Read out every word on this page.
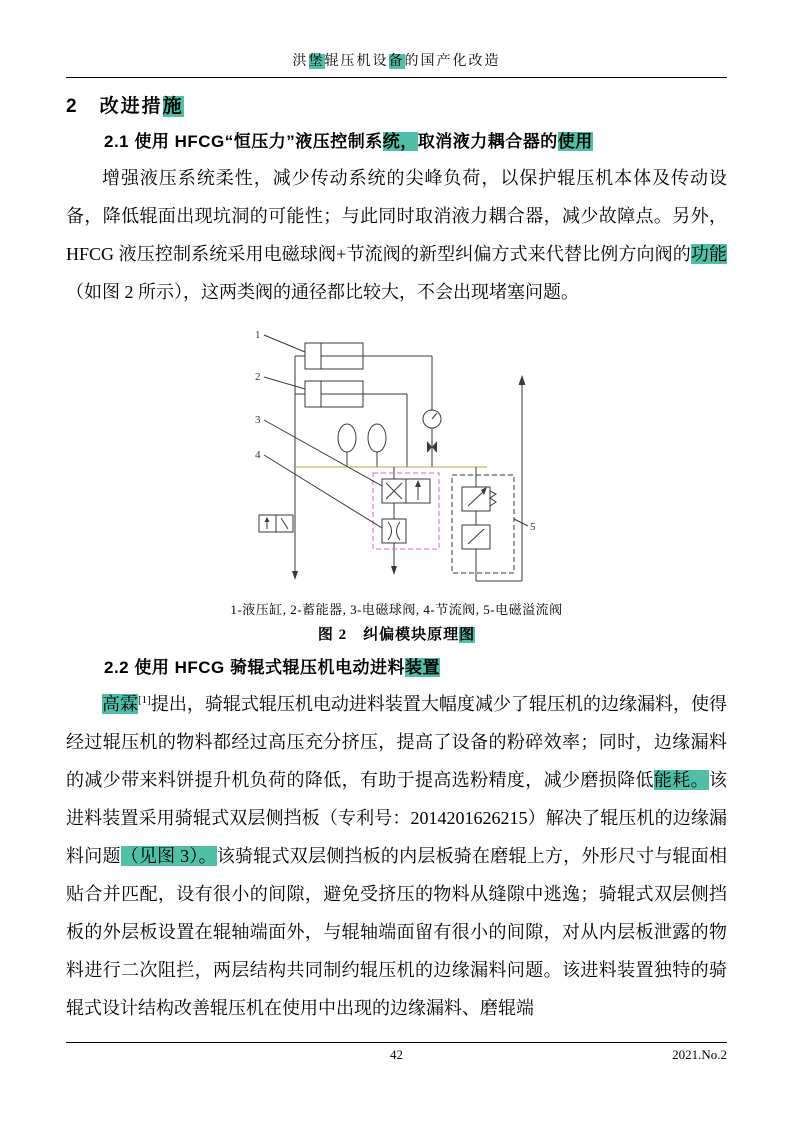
洪堡辊压机设备的国产化改造
2　改进措施
2.1 使用 HFCG“恒压力”液压控制系统，取消液力耦合器的使用
增强液压系统柔性，减少传动系统的尖峰负荷，以保护辊压机本体及传动设备，降低辊面出现坑洞的可能性；与此同时取消液力耦合器，减少故障点。另外，HFCG 液压控制系统采用电磁球阀+节流阀的新型纠偏方式来代替比例方向阀的功能（如图 2 所示），这两类阀的通径都比较大，不会出现堵塞问题。
1
2
3
4
5
1-液压缸, 2-蓄能器, 3-电磁球阀, 4-节流阀, 5-电磁溢流阀
图 2　纠偏模块原理图
2.2 使用 HFCG 骑辊式辊压机电动进料装置
高霖[1]提出，骑辊式辊压机电动进料装置大幅度减少了辊压机的边缘漏料，使得经过辊压机的物料都经过高压充分挤压，提高了设备的粉碎效率；同时，边缘漏料的减少带来料饼提升机负荷的降低，有助于提高选粉精度，减少磨损降低能耗。该进料装置采用骑辊式双层侧挡板（专利号：2014201626215）解决了辊压机的边缘漏料问题（见图 3）。该骑辊式双层侧挡板的内层板骑在磨辊上方，外形尺寸与辊面相贴合并匹配，设有很小的间隙，避免受挤压的物料从缝隙中逃逸；骑辊式双层侧挡板的外层板设置在辊轴端面外，与辊轴端面留有很小的间隙，对从内层板泄露的物料进行二次阻拦，两层结构共同制约辊压机的边缘漏料问题。该进料装置独特的骑辊式设计结构改善辊压机在使用中出现的边缘漏料、磨辊端
42	2021.No.2
